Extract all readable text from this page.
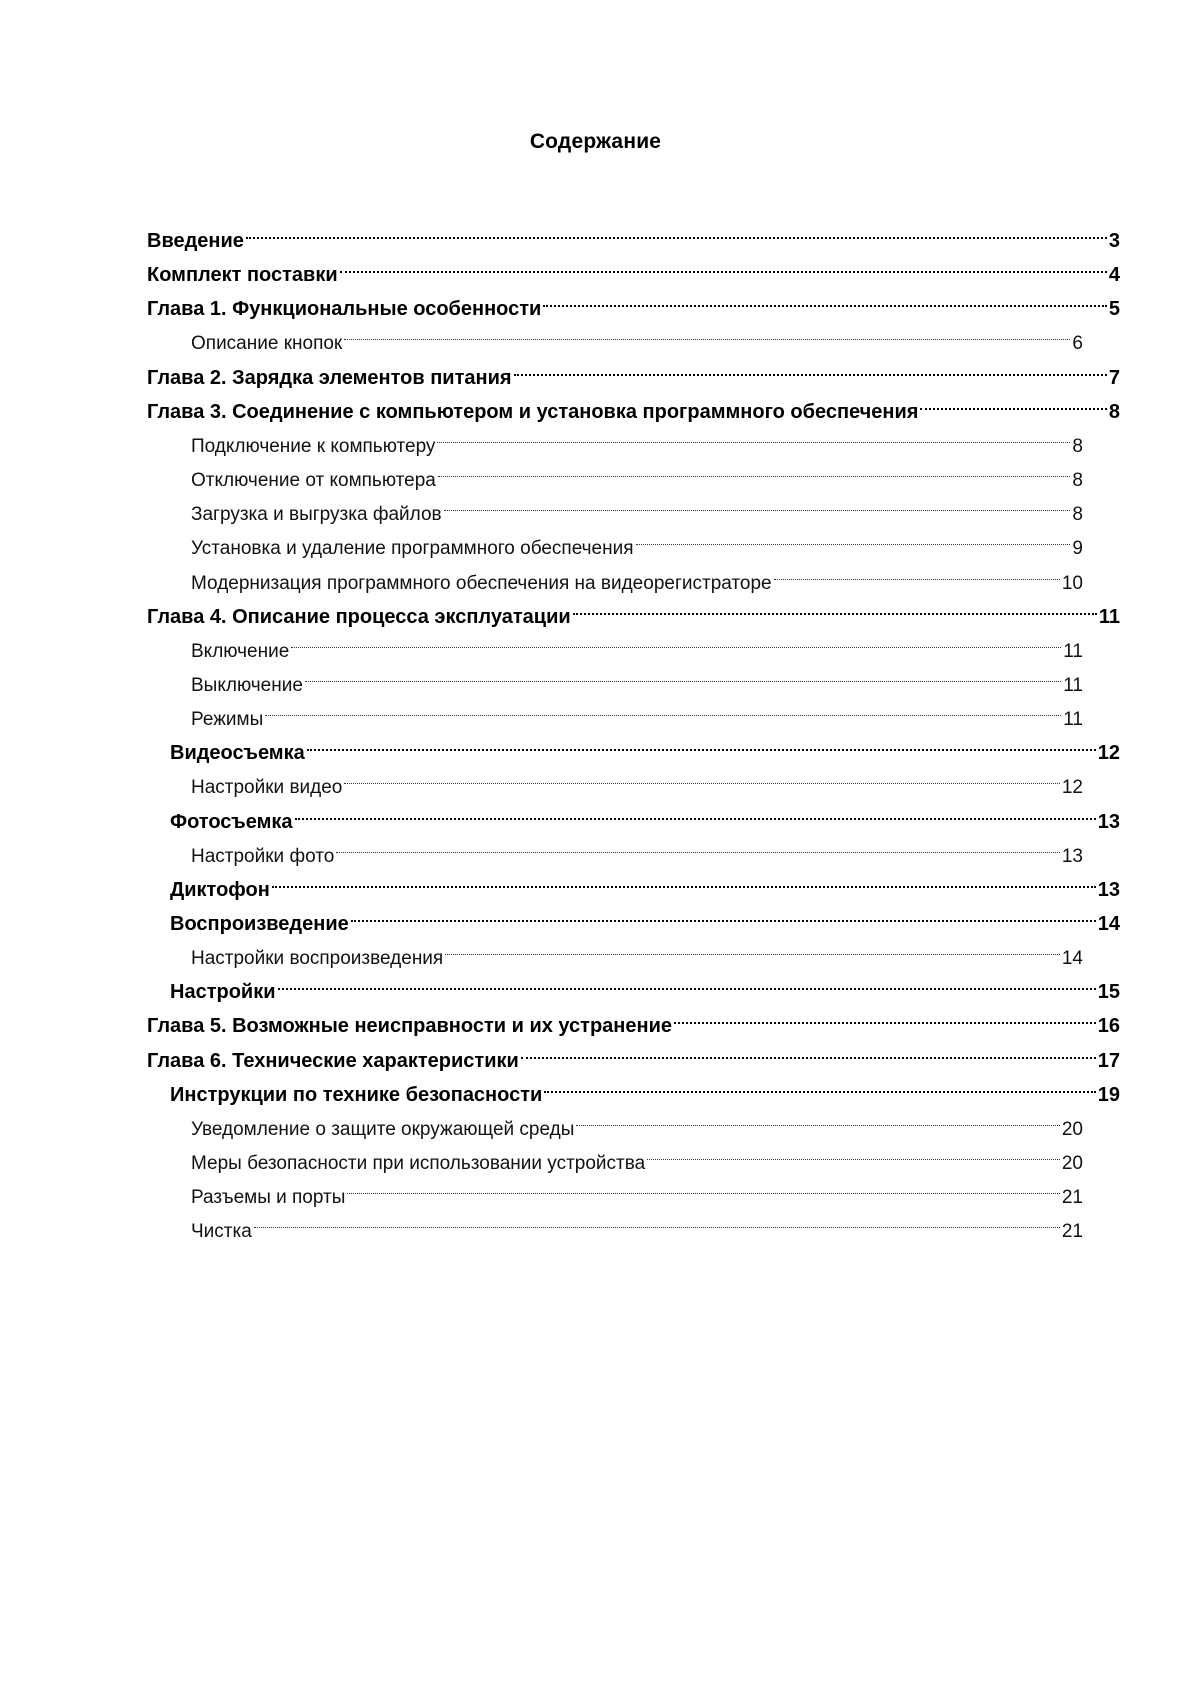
Содержание
Введение	3
Комплект поставки	4
Глава 1. Функциональные особенности	5
Описание кнопок	6
Глава 2. Зарядка элементов питания	7
Глава 3. Соединение с компьютером и установка программного обеспечения	8
Подключение к компьютеру	8
Отключение от компьютера	8
Загрузка и выгрузка файлов	8
Установка и удаление программного обеспечения	9
Модернизация программного обеспечения на видеорегистраторе	10
Глава 4. Описание процесса эксплуатации	11
Включение	11
Выключение	11
Режимы	11
Видеосъемка	12
Настройки видео	12
Фотосъемка	13
Настройки фото	13
Диктофон	13
Воспроизведение	14
Настройки воспроизведения	14
Настройки	15
Глава 5. Возможные неисправности и их устранение	16
Глава 6. Технические характеристики	17
Инструкции по технике безопасности	19
Уведомление о защите окружающей среды	20
Меры безопасности при использовании устройства	20
Разъемы и порты	21
Чистка	21
